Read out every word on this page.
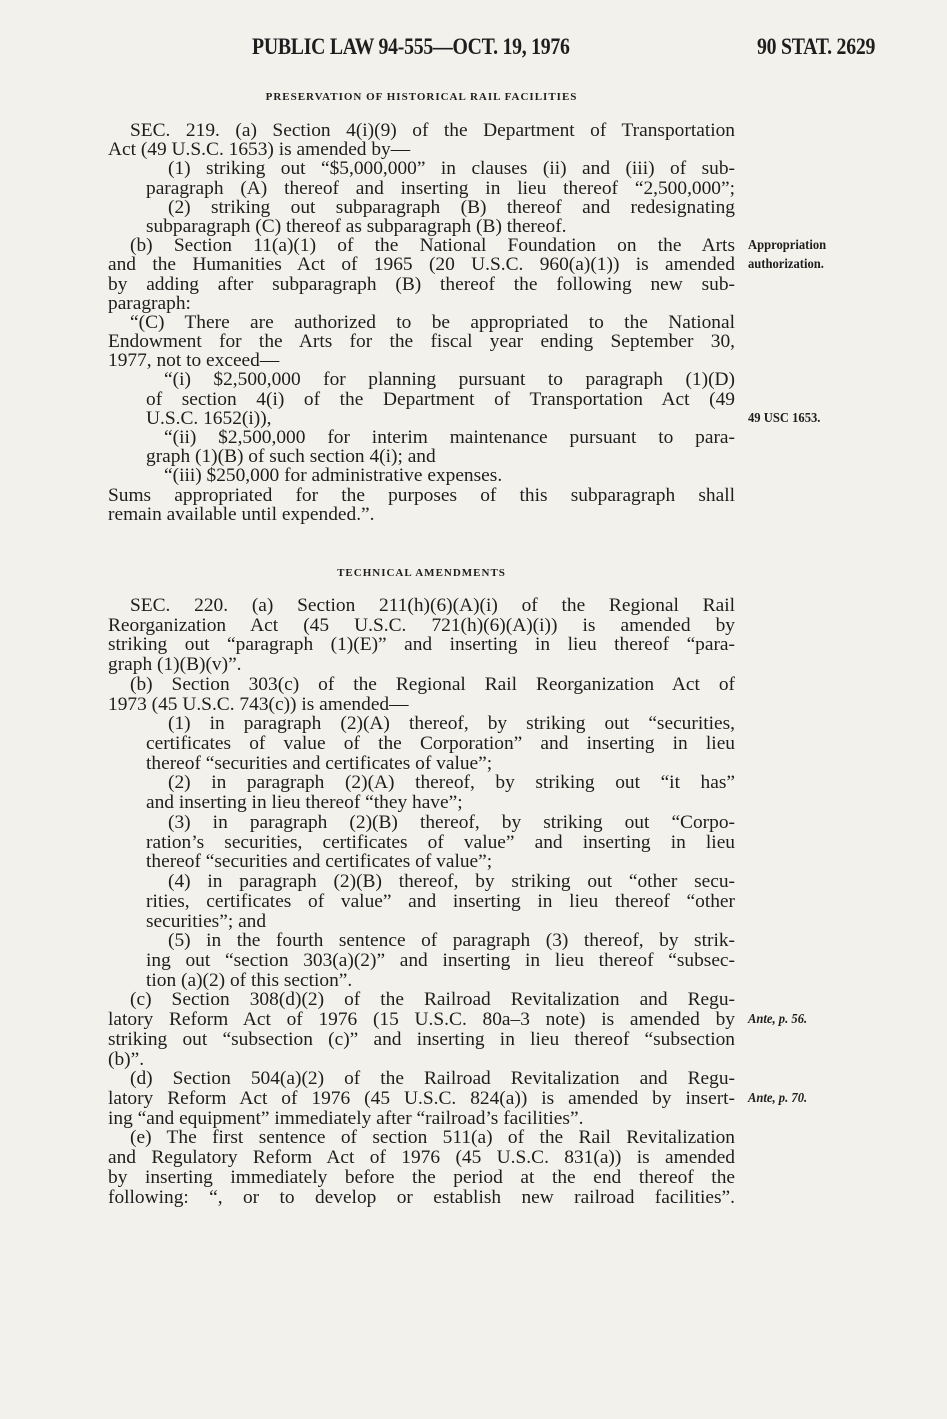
PUBLIC LAW 94-555—OCT. 19, 1976	90 STAT. 2629
PRESERVATION OF HISTORICAL RAIL FACILITIES
SEC. 219. (a) Section 4(i)(9) of the Department of Transportation
Act (49 U.S.C. 1653) is amended by—
(1) striking out “$5,000,000” in clauses (ii) and (iii) of sub-
paragraph (A) thereof and inserting in lieu thereof “2,500,000”;
(2) striking out subparagraph (B) thereof and redesignating
subparagraph (C) thereof as subparagraph (B) thereof.
(b) Section 11(a)(1) of the National Foundation on the Arts Appropriation
and the Humanities Act of 1965 (20 U.S.C. 960(a)(1)) is amended authorization.
by adding after subparagraph (B) thereof the following new sub-
paragraph:
“(C) There are authorized to be appropriated to the National
Endowment for the Arts for the fiscal year ending September 30,
1977, not to exceed—
“(i) $2,500,000 for planning pursuant to paragraph (1)(D)
of section 4(i) of the Department of Transportation Act (49
U.S.C. 1652(i)),	49 USC 1653.
“(ii) $2,500,000 for interim maintenance pursuant to para-
graph (1)(B) of such section 4(i); and
“(iii) $250,000 for administrative expenses.
Sums appropriated for the purposes of this subparagraph shall
remain available until expended.”.
TECHNICAL AMENDMENTS
SEC. 220. (a) Section 211(h)(6)(A)(i) of the Regional Rail
Reorganization Act (45 U.S.C. 721(h)(6)(A)(i)) is amended by
striking out “paragraph (1)(E)” and inserting in lieu thereof “para-
graph (1)(B)(v)”.
(b) Section 303(c) of the Regional Rail Reorganization Act of
1973 (45 U.S.C. 743(c)) is amended—
(1) in paragraph (2)(A) thereof, by striking out “securities,
certificates of value of the Corporation” and inserting in lieu
thereof “securities and certificates of value”;
(2) in paragraph (2)(A) thereof, by striking out “it has”
and inserting in lieu thereof “they have”;
(3) in paragraph (2)(B) thereof, by striking out “Corpo-
ration’s securities, certificates of value” and inserting in lieu
thereof “securities and certificates of value”;
(4) in paragraph (2)(B) thereof, by striking out “other secu-
rities, certificates of value” and inserting in lieu thereof “other
securities”; and
(5) in the fourth sentence of paragraph (3) thereof, by strik-
ing out “section 303(a)(2)” and inserting in lieu thereof “subsec-
tion (a)(2) of this section”.
(c) Section 308(d)(2) of the Railroad Revitalization and Regu-
latory Reform Act of 1976 (15 U.S.C. 80a–3 note) is amended by Ante, p. 56.
striking out “subsection (c)” and inserting in lieu thereof “subsection
(b)”.
(d) Section 504(a)(2) of the Railroad Revitalization and Regu-
latory Reform Act of 1976 (45 U.S.C. 824(a)) is amended by insert- Ante, p. 70.
ing “and equipment” immediately after “railroad’s facilities”.
(e) The first sentence of section 511(a) of the Rail Revitalization
and Regulatory Reform Act of 1976 (45 U.S.C. 831(a)) is amended
by inserting immediately before the period at the end thereof the
following: “, or to develop or establish new railroad facilities”.
